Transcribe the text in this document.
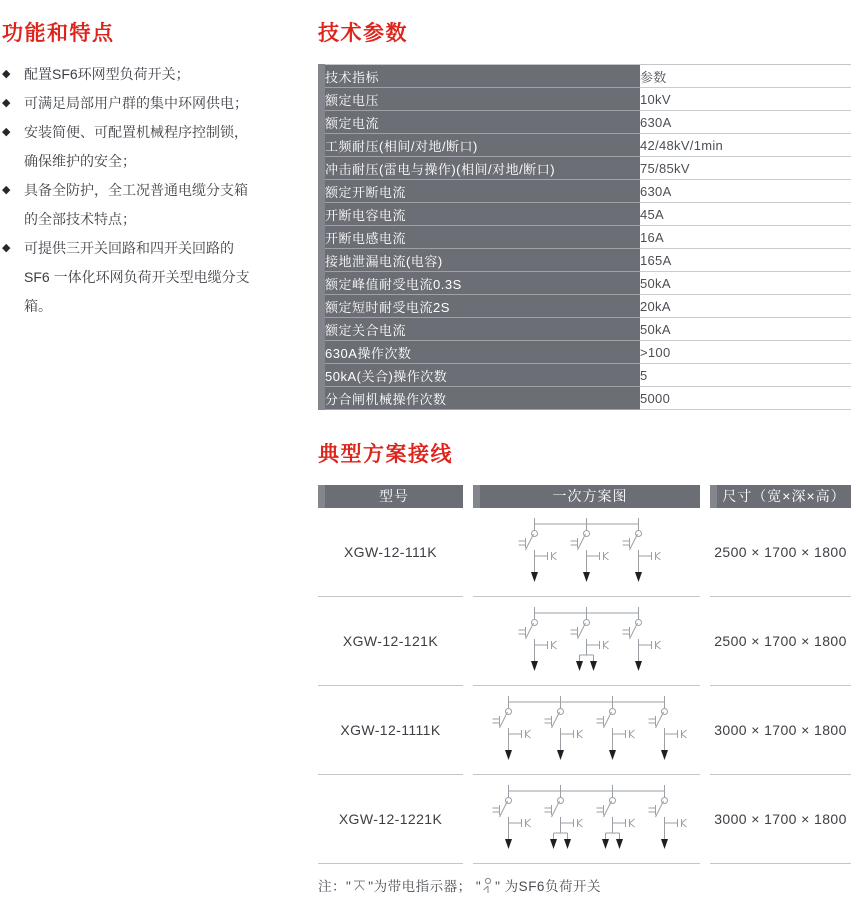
功能和特点
◆ 配置SF6环网型负荷开关；
◆ 可满足局部用户群的集中环网供电；
◆ 安装简便、可配置机械程序控制锁，确保维护的安全；
◆ 具备全防护，全工况普通电缆分支箱的全部技术特点；
◆ 可提供三开关回路和四开关回路的SF6 一体化环网负荷开关型电缆分支箱。
技术参数
技术指标	参数
额定电压	10kV
额定电流	630A
工频耐压(相间/对地/断口)	42/48kV/1min
冲击耐压(雷电与操作)(相间/对地/断口)	75/85kV
额定开断电流	630A
开断电容电流	45A
开断电感电流	16A
接地泄漏电流(电容)	165A
额定峰值耐受电流0.3S	50kA
额定短时耐受电流2S	20kA
额定关合电流	50kA
630A操作次数	>100
50kA(关合)操作次数	5
分合闸机械操作次数	5000
典型方案接线
型号	一次方案图	尺寸（宽×深×高）
XGW-12-111K	2500 × 1700 × 1800
XGW-12-121K	2500 × 1700 × 1800
XGW-12-1111K	3000 × 1700 × 1800
XGW-12-1221K	3000 × 1700 × 1800
注：" "为带电指示器； " " 为SF6负荷开关
